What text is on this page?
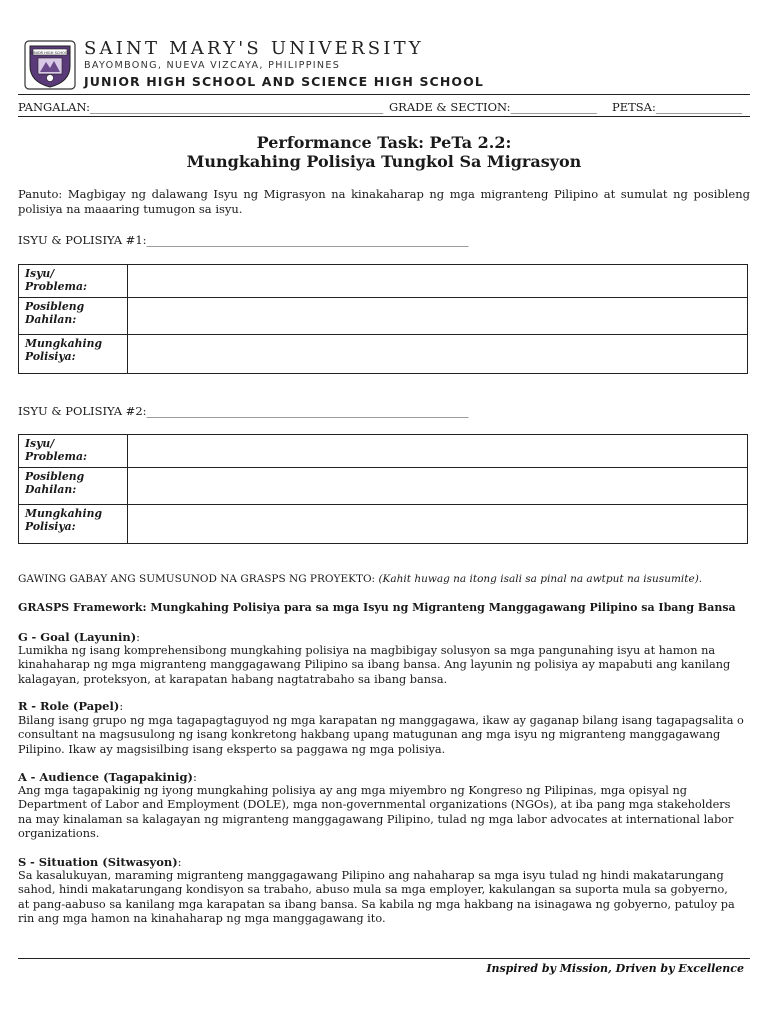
JUNIOR HIGH SCHOOL SAINT MARY'S UNIVERSITY
BAYOMBONG, NUEVA VIZCAYA, PHILIPPINES
JUNIOR HIGH SCHOOL AND SCIENCE HIGH SCHOOL
PANGALAN:___________________________________________________ GRADE & SECTION:_______________ PETSA:_______________
Performance Task: PeTa 2.2:
Mungkahing Polisiya Tungkol Sa Migrasyon
Panuto: Magbigay ng dalawang Isyu ng Migrasyon na kinakaharap ng mga migranteng Pilipino at sumulat ng posibleng polisiya na maaaring tumugon sa isyu.
ISYU & POLISIYA #1:________________________________________________________
Isyu/
Problema:	

Posibleng
Dahilan:	

Mungkahing
Polisiya:	

ISYU & POLISIYA #2:________________________________________________________
Isyu/
Problema:	

Posibleng
Dahilan:	

Mungkahing
Polisiya:	

GAWING GABAY ANG SUMUSUNOD NA GRASPS NG PROYEKTO: (Kahit huwag na itong isali sa pinal na awtput na isusumite).
GRASPS Framework: Mungkahing Polisiya para sa mga Isyu ng Migranteng Manggagawang Pilipino sa Ibang Bansa
G - Goal (Layunin):
Lumikha ng isang komprehensibong mungkahing polisiya na magbibigay solusyon sa mga pangunahing isyu at hamon na
kinahaharap ng mga migranteng manggagawang Pilipino sa ibang bansa. Ang layunin ng polisiya ay mapabuti ang kanilang
kalagayan, proteksyon, at karapatan habang nagtatrabaho sa ibang bansa.
R - Role (Papel):
Bilang isang grupo ng mga tagapagtaguyod ng mga karapatan ng manggagawa, ikaw ay gaganap bilang isang tagapagsalita o
consultant na magsusulong ng isang konkretong hakbang upang matugunan ang mga isyu ng migranteng manggagawang
Pilipino. Ikaw ay magsisilbing isang eksperto sa paggawa ng mga polisiya.
A - Audience (Tagapakinig):
Ang mga tagapakinig ng iyong mungkahing polisiya ay ang mga miyembro ng Kongreso ng Pilipinas, mga opisyal ng
Department of Labor and Employment (DOLE), mga non-governmental organizations (NGOs), at iba pang mga stakeholders
na may kinalaman sa kalagayan ng migranteng manggagawang Pilipino, tulad ng mga labor advocates at international labor
organizations.
S - Situation (Sitwasyon):
Sa kasalukuyan, maraming migranteng manggagawang Pilipino ang nahaharap sa mga isyu tulad ng hindi makatarungang
sahod, hindi makatarungang kondisyon sa trabaho, abuso mula sa mga employer, kakulangan sa suporta mula sa gobyerno,
at pang-aabuso sa kanilang mga karapatan sa ibang bansa. Sa kabila ng mga hakbang na isinagawa ng gobyerno, patuloy pa
rin ang mga hamon na kinahaharap ng mga manggagawang ito.
Inspired by Mission, Driven by Excellence
